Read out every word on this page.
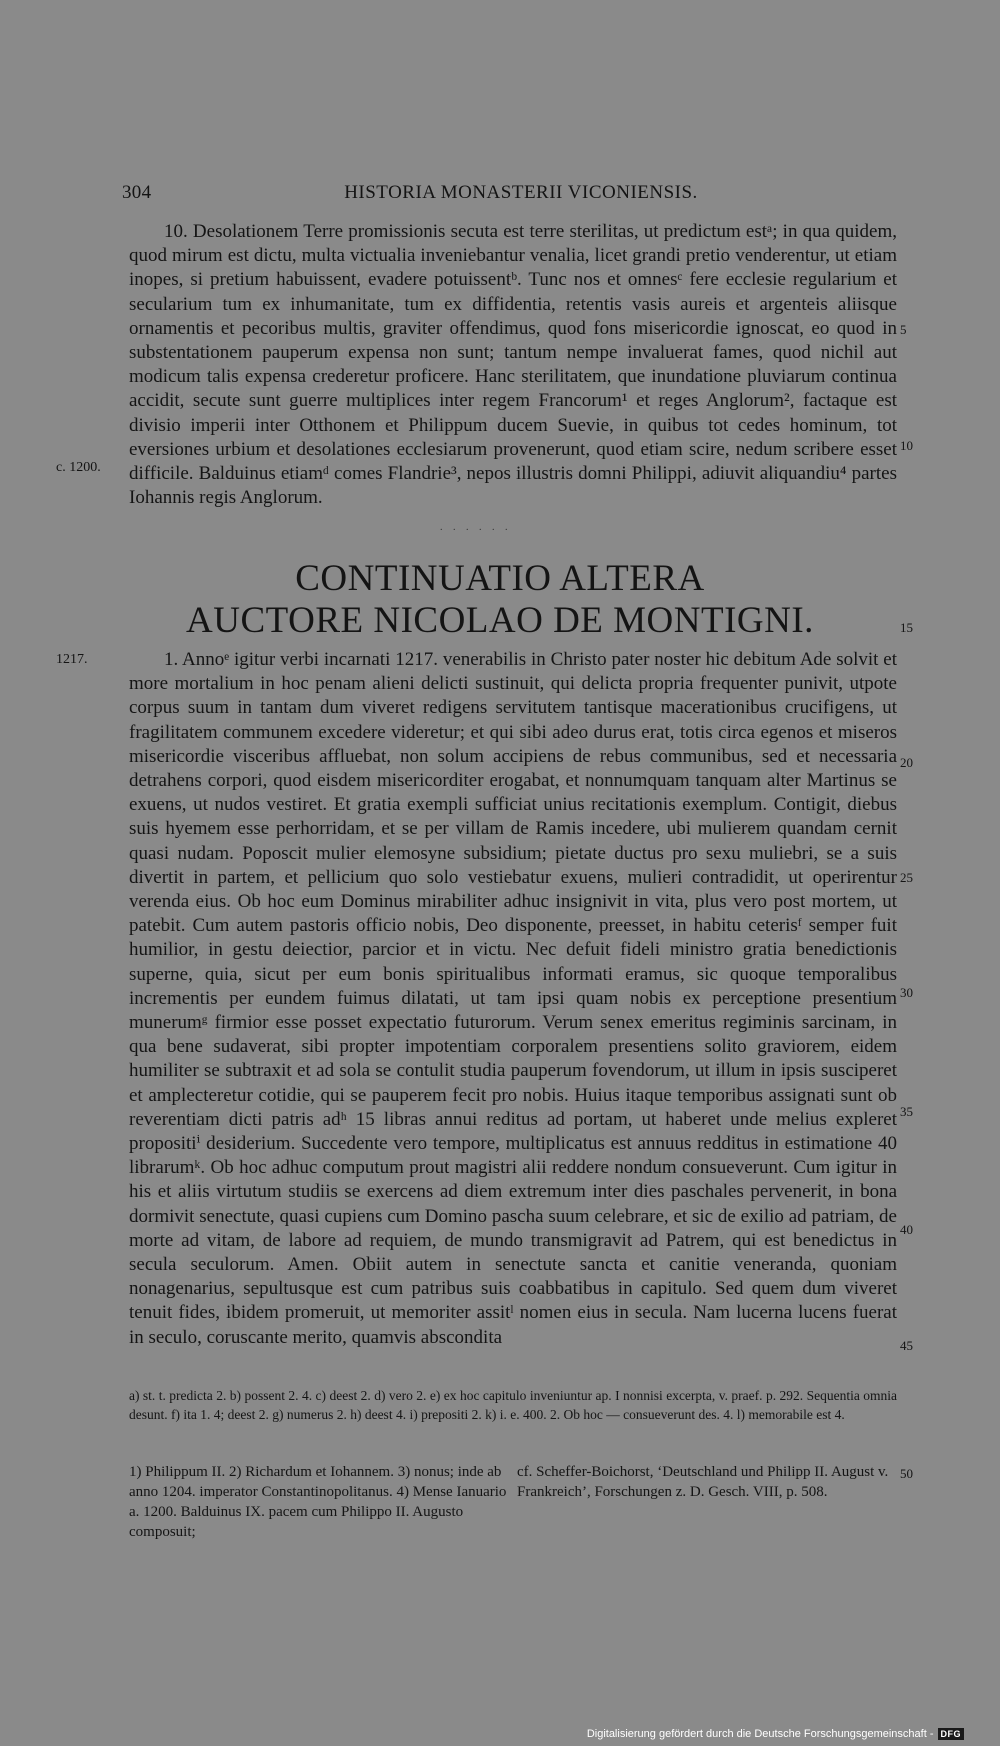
304	HISTORIA MONASTERII VICONIENSIS.

10. Desolationem Terre promissionis secuta est terre sterilitas, ut predictum estᵃ; in qua quidem, quod mirum est dictu, multa victualia inveniebantur venalia, licet grandi pretio venderentur, ut etiam inopes, si pretium habuissent, evadere potuissentᵇ. Tunc nos et omnesᶜ fere ecclesie regularium et secularium tum ex inhumanitate, tum ex diffidentia, retentis vasis aureis et argenteis aliisque ornamentis et pecoribus multis, graviter offendimus, quod fons misericordie ignoscat, eo quod in substentationem pauperum expensa non sunt; tantum nempe invaluerat fames, quod nichil aut modicum talis expensa crederetur proficere. Hanc sterilitatem, que inundatione pluviarum continua accidit, secute sunt guerre multiplices inter regem Francorum¹ et reges Anglorum², factaque est divisio imperii inter Otthonem et Philippum ducem Suevie, in quibus tot cedes hominum, tot eversiones urbium et desolationes ecclesiarum provenerunt, quod etiam scire, nedum scribere esset difficile. Balduinus etiamᵈ comes Flandrie³, nepos illustris domni Philippi, adiuvit aliquandiu⁴ partes Iohannis regis Anglorum.

. . . . . .
CONTINUATIO ALTERA
AUCTORE NICOLAO DE MONTIGNI.

1. Annoᵉ igitur verbi incarnati 1217. venerabilis in Christo pater noster hic debitum Ade solvit et more mortalium in hoc penam alieni delicti sustinuit, qui delicta propria frequenter punivit, utpote corpus suum in tantam dum viveret redigens servitutem tantisque macerationibus crucifigens, ut fragilitatem communem excedere videretur; et qui sibi adeo durus erat, totis circa egenos et miseros misericordie visceribus affluebat, non solum accipiens de rebus communibus, sed et necessaria detrahens corpori, quod eisdem misericorditer erogabat, et nonnumquam tanquam alter Martinus se exuens, ut nudos vestiret. Et gratia exempli sufficiat unius recitationis exemplum. Contigit, diebus suis hyemem esse perhorridam, et se per villam de Ramis incedere, ubi mulierem quandam cernit quasi nudam. Poposcit mulier elemosyne subsidium; pietate ductus pro sexu muliebri, se a suis divertit in partem, et pellicium quo solo vestiebatur exuens, mulieri contradidit, ut operirentur verenda eius. Ob hoc eum Dominus mirabiliter adhuc insignivit in vita, plus vero post mortem, ut patebit. Cum autem pastoris officio nobis, Deo disponente, preesset, in habitu ceterisᶠ semper fuit humilior, in gestu deiectior, parcior et in victu. Nec defuit fideli ministro gratia benedictionis superne, quia, sicut per eum bonis spiritualibus informati eramus, sic quoque temporalibus incrementis per eundem fuimus dilatati, ut tam ipsi quam nobis ex perceptione presentium munerumᵍ firmior esse posset expectatio futurorum. Verum senex emeritus regiminis sarcinam, in qua bene sudaverat, sibi propter impotentiam corporalem presentiens solito graviorem, eidem humiliter se subtraxit et ad sola se contulit studia pauperum fovendorum, ut illum in ipsis susciperet et amplecteretur cotidie, qui se pauperem fecit pro nobis. Huius itaque temporibus assignati sunt ob reverentiam dicti patris adʰ 15 libras annui reditus ad portam, ut haberet unde melius expleret propositiⁱ desiderium. Succedente vero tempore, multiplicatus est annuus redditus in estimatione 40 librarumᵏ. Ob hoc adhuc computum prout magistri alii reddere nondum consueverunt. Cum igitur in his et aliis virtutum studiis se exercens ad diem extremum inter dies paschales pervenerit, in bona dormivit senectute, quasi cupiens cum Domino pascha suum celebrare, et sic de exilio ad patriam, de morte ad vitam, de labore ad requiem, de mundo transmigravit ad Patrem, qui est benedictus in secula seculorum. Amen. Obiit autem in senectute sancta et canitie veneranda, quoniam nonagenarius, sepultusque est cum patribus suis coabbatibus in capitulo. Sed quem dum viveret tenuit fides, ibidem promeruit, ut memoriter assitˡ nomen eius in secula. Nam lucerna lucens fuerat in seculo, coruscante merito, quamvis abscondita

5
10
15
20
25
30
35
40
45
50
c. 1200.
1217.
a) st. t. predicta 2. b) possent 2. 4. c) deest 2. d) vero 2. e) ex hoc capitulo inveniuntur ap. I nonnisi excerpta, v. praef. p. 292. Sequentia omnia desunt. f) ita 1. 4; deest 2. g) numerus 2. h) deest 4. i) prepositi 2. k) i. e. 400. 2. Ob hoc — consueverunt des. 4. l) memorabile est 4.

1) Philippum II. 2) Richardum et Iohannem. 3) nonus; inde ab anno 1204. imperator Constantinopolitanus. 4) Mense Ianuario a. 1200. Balduinus IX. pacem cum Philippo II. Augusto composuit;

cf. Scheffer-Boichorst, ‘Deutschland und Philipp II. August v. Frankreich’, Forschungen z. D. Gesch. VIII, p. 508.

Digitalisierung gefördert durch die Deutsche Forschungsgemeinschaft - DFG
